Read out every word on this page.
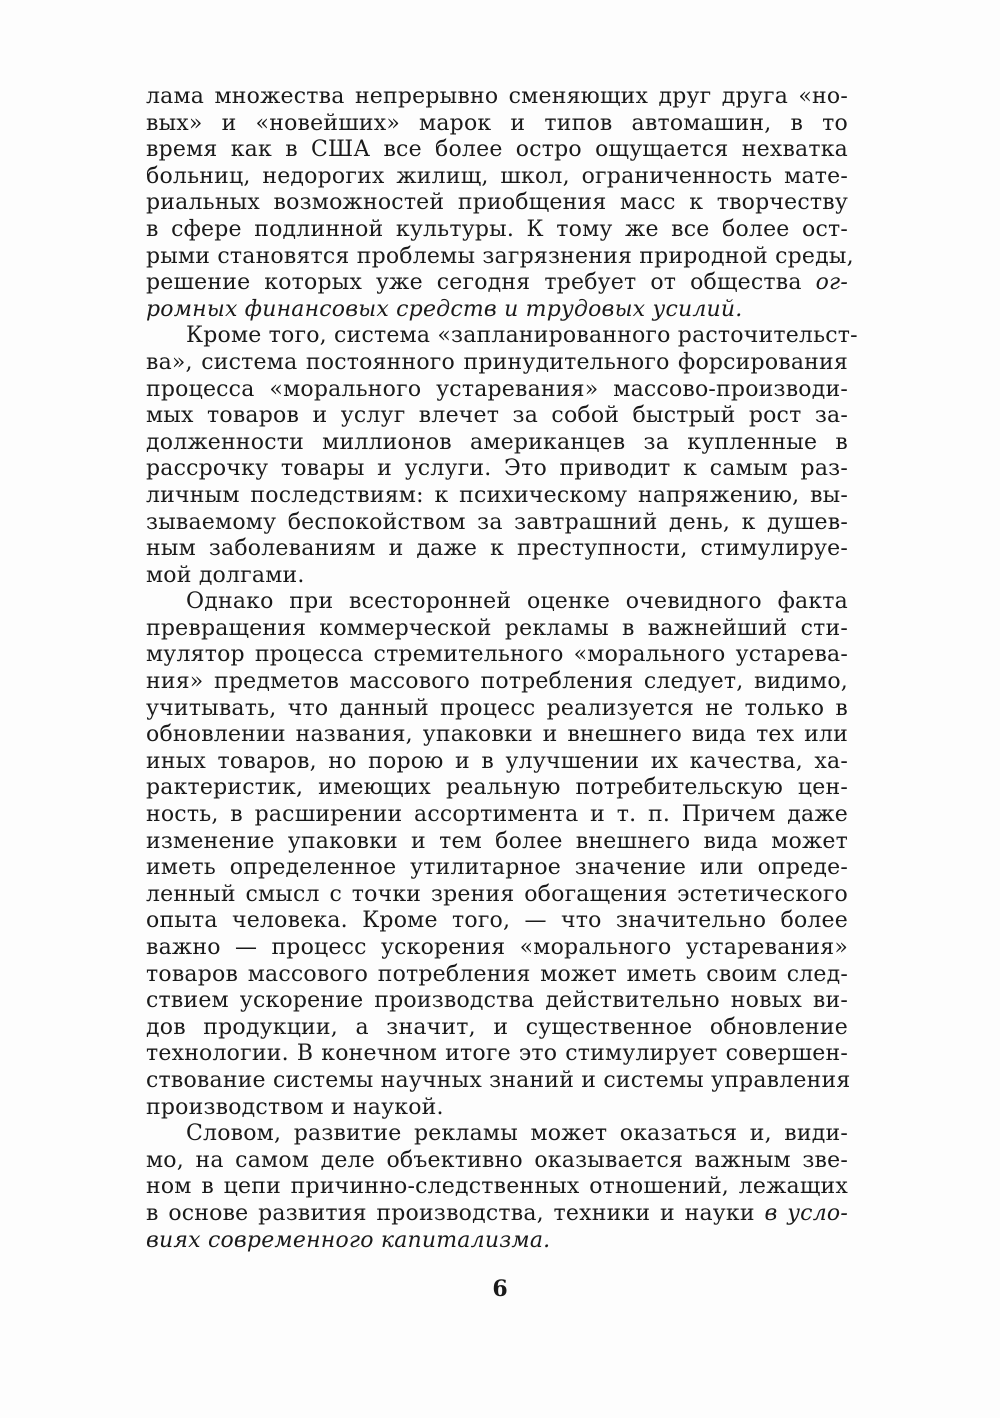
лама множества непрерывно сменяющих друг друга «но-
вых» и «новейших» марок и типов автомашин, в то
время как в США все более остро ощущается нехватка
больниц, недорогих жилищ, школ, ограниченность мате-
риальных возможностей приобщения масс к творчеству
в сфере подлинной культуры. К тому же все более ост-
рыми становятся проблемы загрязнения природной среды,
решение которых уже сегодня требует от общества ог-
ромных финансовых средств и трудовых усилий.
Кроме того, система «запланированного расточительст-
ва», система постоянного принудительного форсирования
процесса «морального устаревания» массово-производи-
мых товаров и услуг влечет за собой быстрый рост за-
долженности миллионов американцев за купленные в
рассрочку товары и услуги. Это приводит к самым раз-
личным последствиям: к психическому напряжению, вы-
зываемому беспокойством за завтрашний день, к душев-
ным заболеваниям и даже к преступности, стимулируе-
мой долгами.
Однако при всесторонней оценке очевидного факта
превращения коммерческой рекламы в важнейший сти-
мулятор процесса стремительного «морального устарева-
ния» предметов массового потребления следует, видимо,
учитывать, что данный процесс реализуется не только в
обновлении названия, упаковки и внешнего вида тех или
иных товаров, но порою и в улучшении их качества, ха-
рактеристик, имеющих реальную потребительскую цен-
ность, в расширении ассортимента и т. п. Причем даже
изменение упаковки и тем более внешнего вида может
иметь определенное утилитарное значение или опреде-
ленный смысл с точки зрения обогащения эстетического
опыта человека. Кроме того, — что значительно более
важно — процесс ускорения «морального устаревания»
товаров массового потребления может иметь своим след-
ствием ускорение производства действительно новых ви-
дов продукции, а значит, и существенное обновление
технологии. В конечном итоге это стимулирует совершен-
ствование системы научных знаний и системы управления
производством и наукой.
Словом, развитие рекламы может оказаться и, види-
мо, на самом деле объективно оказывается важным зве-
ном в цепи причинно-следственных отношений, лежащих
в основе развития производства, техники и науки в усло-
виях современного капитализма.
6
